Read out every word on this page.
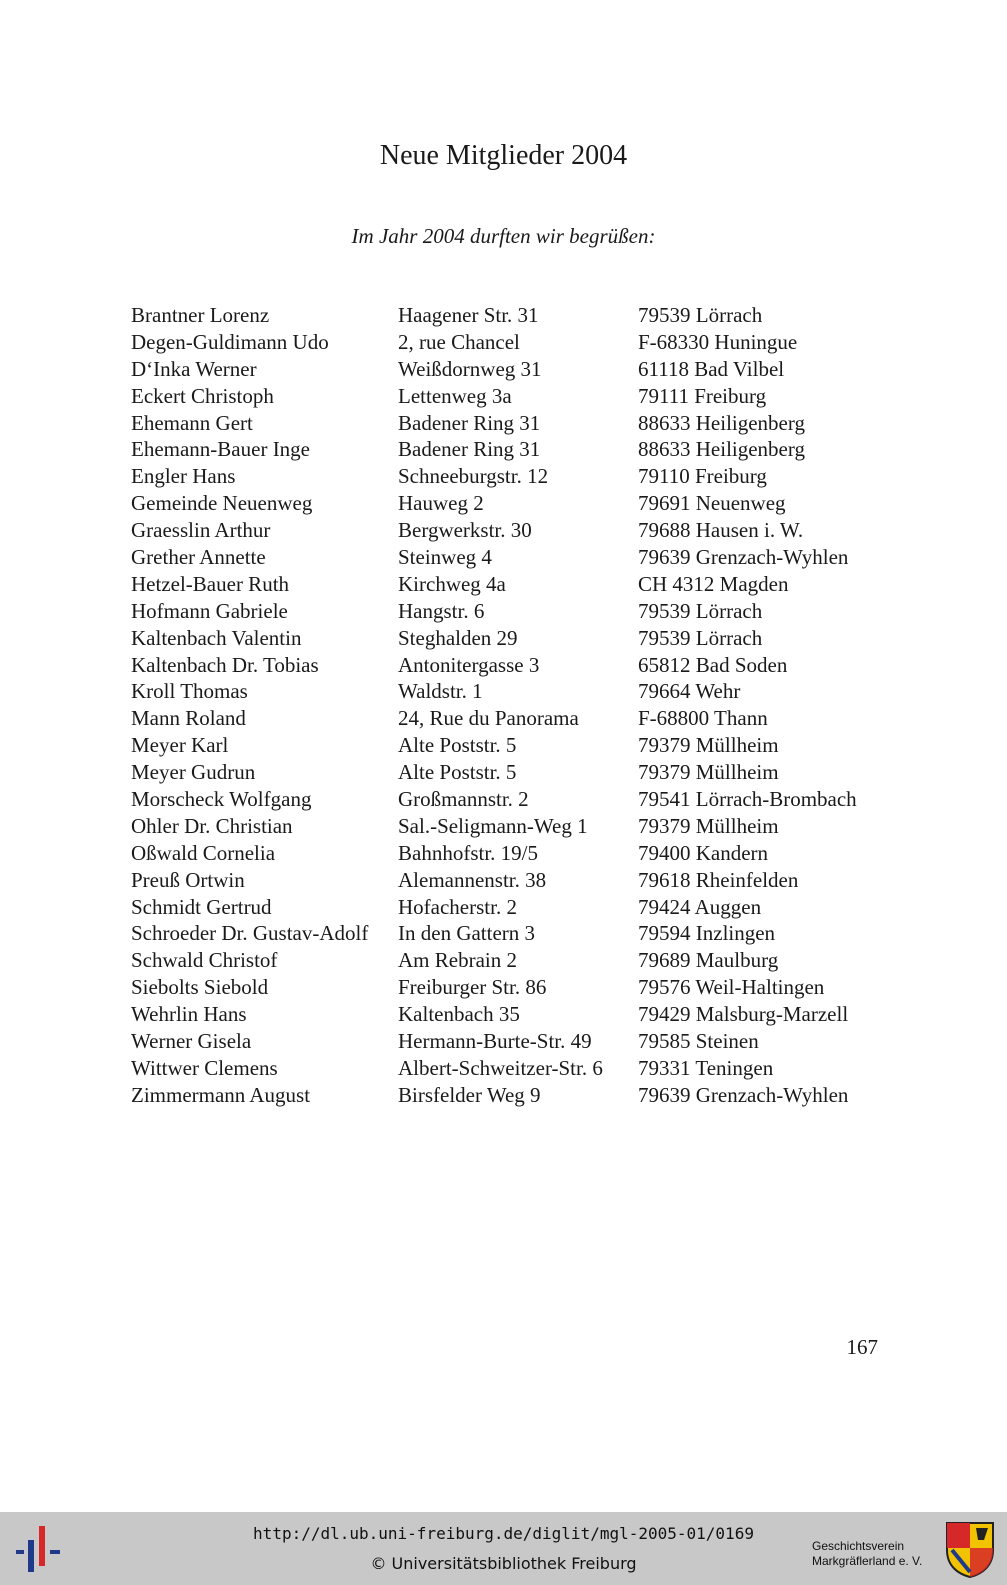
Neue Mitglieder 2004
Im Jahr 2004 durften wir begrüßen:
Brantner Lorenz	Haagener Str. 31	79539 Lörrach
Degen-Guldimann Udo	2, rue Chancel	F-68330 Huningue
D‘Inka Werner	Weißdornweg 31	61118 Bad Vilbel
Eckert Christoph	Lettenweg 3a	79111 Freiburg
Ehemann Gert	Badener Ring 31	88633 Heiligenberg
Ehemann-Bauer Inge	Badener Ring 31	88633 Heiligenberg
Engler Hans	Schneeburgstr. 12	79110 Freiburg
Gemeinde Neuenweg	Hauweg 2	79691 Neuenweg
Graesslin Arthur	Bergwerkstr. 30	79688 Hausen i. W.
Grether Annette	Steinweg 4	79639 Grenzach-Wyhlen
Hetzel-Bauer Ruth	Kirchweg 4a	CH 4312 Magden
Hofmann Gabriele	Hangstr. 6	79539 Lörrach
Kaltenbach Valentin	Steghalden 29	79539 Lörrach
Kaltenbach Dr. Tobias	Antonitergasse 3	65812 Bad Soden
Kroll Thomas	Waldstr. 1	79664 Wehr
Mann Roland	24, Rue du Panorama	F-68800 Thann
Meyer Karl	Alte Poststr. 5	79379 Müllheim
Meyer Gudrun	Alte Poststr. 5	79379 Müllheim
Morscheck Wolfgang	Großmannstr. 2	79541 Lörrach-Brombach
Ohler Dr. Christian	Sal.-Seligmann-Weg 1	79379 Müllheim
Oßwald Cornelia	Bahnhofstr. 19/5	79400 Kandern
Preuß Ortwin	Alemannenstr. 38	79618 Rheinfelden
Schmidt Gertrud	Hofacherstr. 2	79424 Auggen
Schroeder Dr. Gustav-Adolf	In den Gattern 3	79594 Inzlingen
Schwald Christof	Am Rebrain 2	79689 Maulburg
Siebolts Siebold	Freiburger Str. 86	79576 Weil-Haltingen
Wehrlin Hans	Kaltenbach 35	79429 Malsburg-Marzell
Werner Gisela	Hermann-Burte-Str. 49	79585 Steinen
Wittwer Clemens	Albert-Schweitzer-Str. 6	79331 Teningen
Zimmermann August	Birsfelder Weg 9	79639 Grenzach-Wyhlen
167
http://dl.ub.uni-freiburg.de/diglit/mgl-2005-01/0169
© Universitätsbibliothek Freiburg
Geschichtsverein
Markgräflerland e. V.
